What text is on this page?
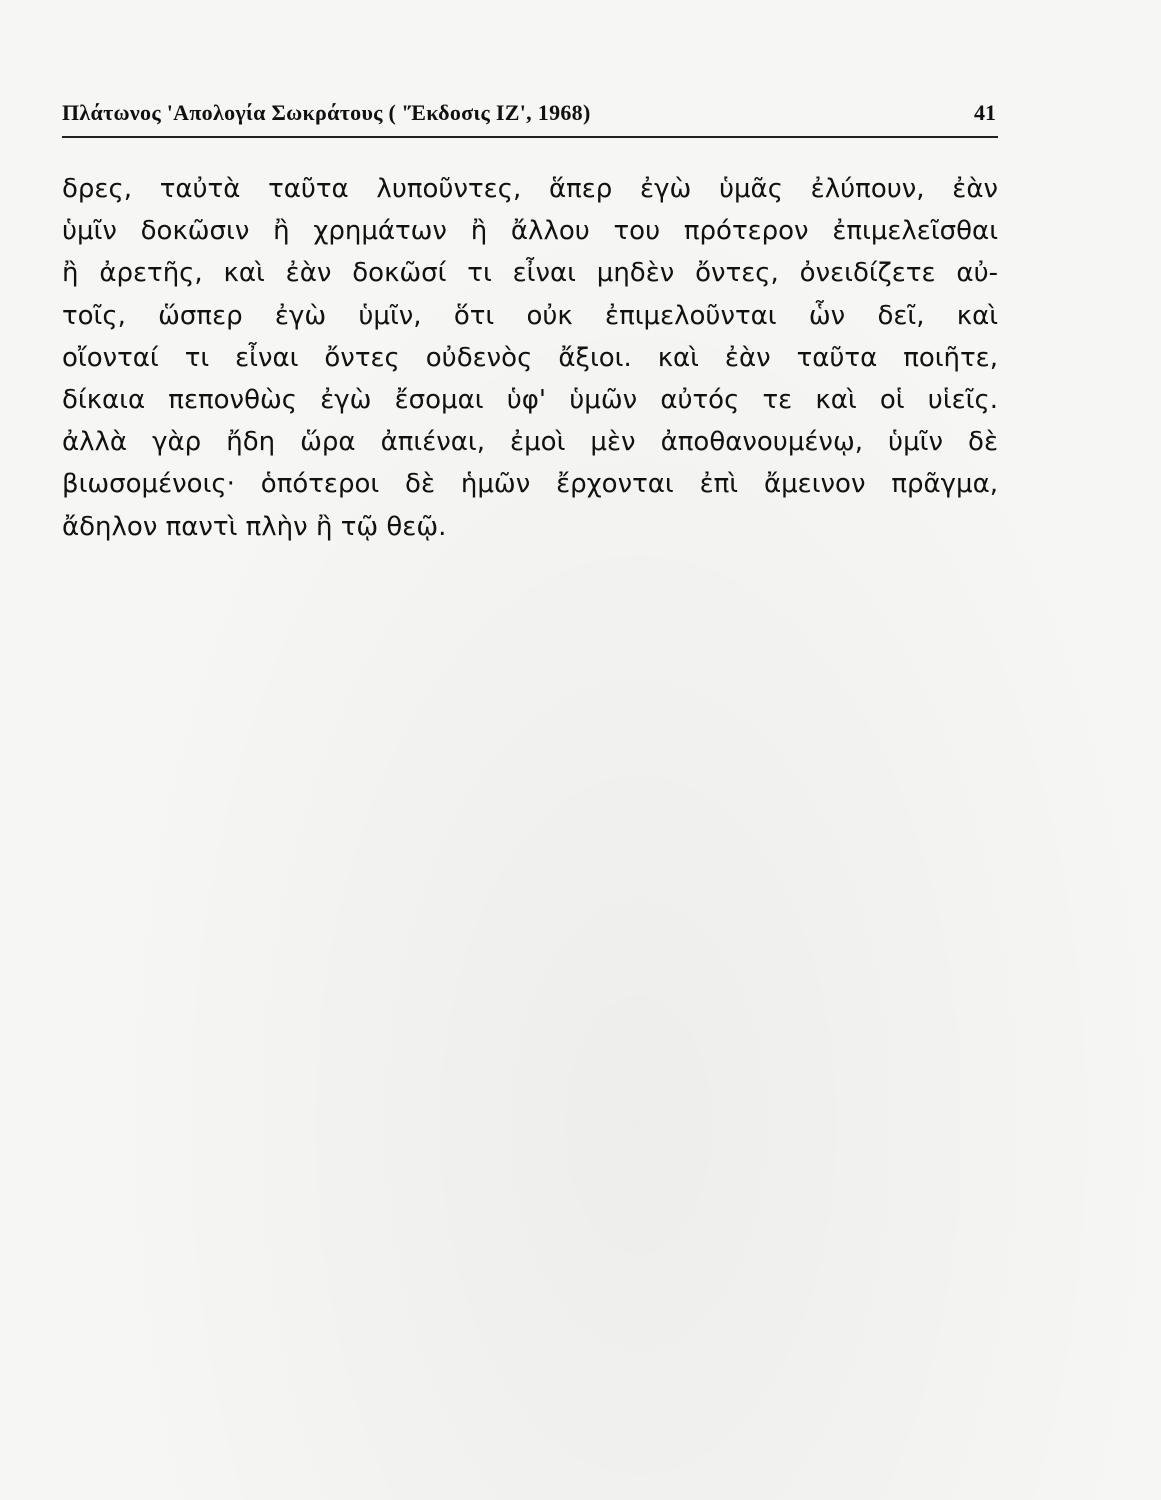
Πλάτωνος 'Απολογία Σωκράτους ( 'Έκδοσις ΙΖ', 1968)	41
δρες, ταὐτὰ ταῦτα λυποῦντες, ἅπερ ἐγὼ ὑμᾶς ἐλύπουν, ἐὰν
ὑμῖν δοκῶσιν ἢ χρημάτων ἢ ἄλλου του πρότερον ἐπιμελεῖσθαι
ἢ ἀρετῆς, καὶ ἐὰν δοκῶσί τι εἶναι μηδὲν ὄντες, ὀνειδίζετε αὐ-
τοῖς, ὥσπερ ἐγὼ ὑμῖν, ὅτι οὐκ ἐπιμελοῦνται ὧν δεῖ, καὶ
οἴονταί τι εἶναι ὄντες οὐδενὸς ἄξιοι. καὶ ἐὰν ταῦτα ποιῆτε,
δίκαια πεπονθὼς ἐγὼ ἔσομαι ὑφ' ὑμῶν αὐτός τε καὶ οἱ υἱεῖς.
ἀλλὰ γὰρ ἤδη ὥρα ἀπιέναι, ἐμοὶ μὲν ἀποθανουμένῳ, ὑμῖν δὲ
βιωσομένοις· ὁπότεροι δὲ ἡμῶν ἔρχονται ἐπὶ ἄμεινον πρᾶγμα,
ἄδηλον παντὶ πλὴν ἢ τῷ θεῷ.
